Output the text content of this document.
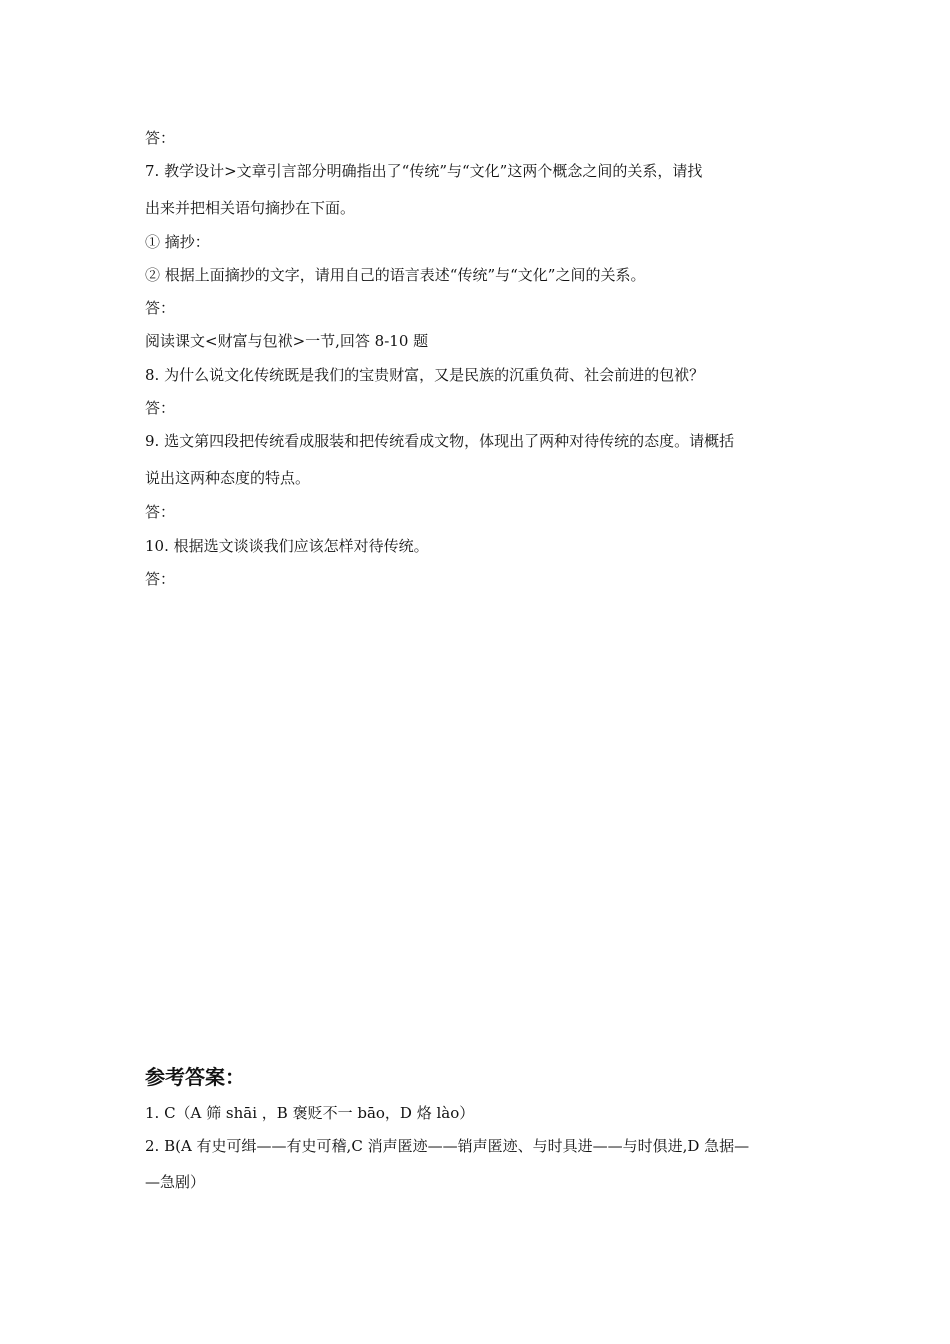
答：
7. 教学设计>文章引言部分明确指出了“传统”与“文化”这两个概念之间的关系，请找
出来并把相关语句摘抄在下面。
① 摘抄：
② 根据上面摘抄的文字，请用自己的语言表述“传统”与“文化”之间的关系。
答：
阅读课文<财富与包袱>一节,回答 8-10 题
8. 为什么说文化传统既是我们的宝贵财富，又是民族的沉重负荷、社会前进的包袱？
答：
9. 选文第四段把传统看成服装和把传统看成文物，体现出了两种对待传统的态度。请概括
说出这两种态度的特点。
答：
10. 根据选文谈谈我们应该怎样对待传统。
答：
参考答案：
1. C（A 筛 shāi ，B 褒贬不一 bāo，D 烙 lào）
2. B(A 有史可缉——有史可稽,C 消声匿迹——销声匿迹、与时具进——与时俱进,D 急据—
—急剧）
